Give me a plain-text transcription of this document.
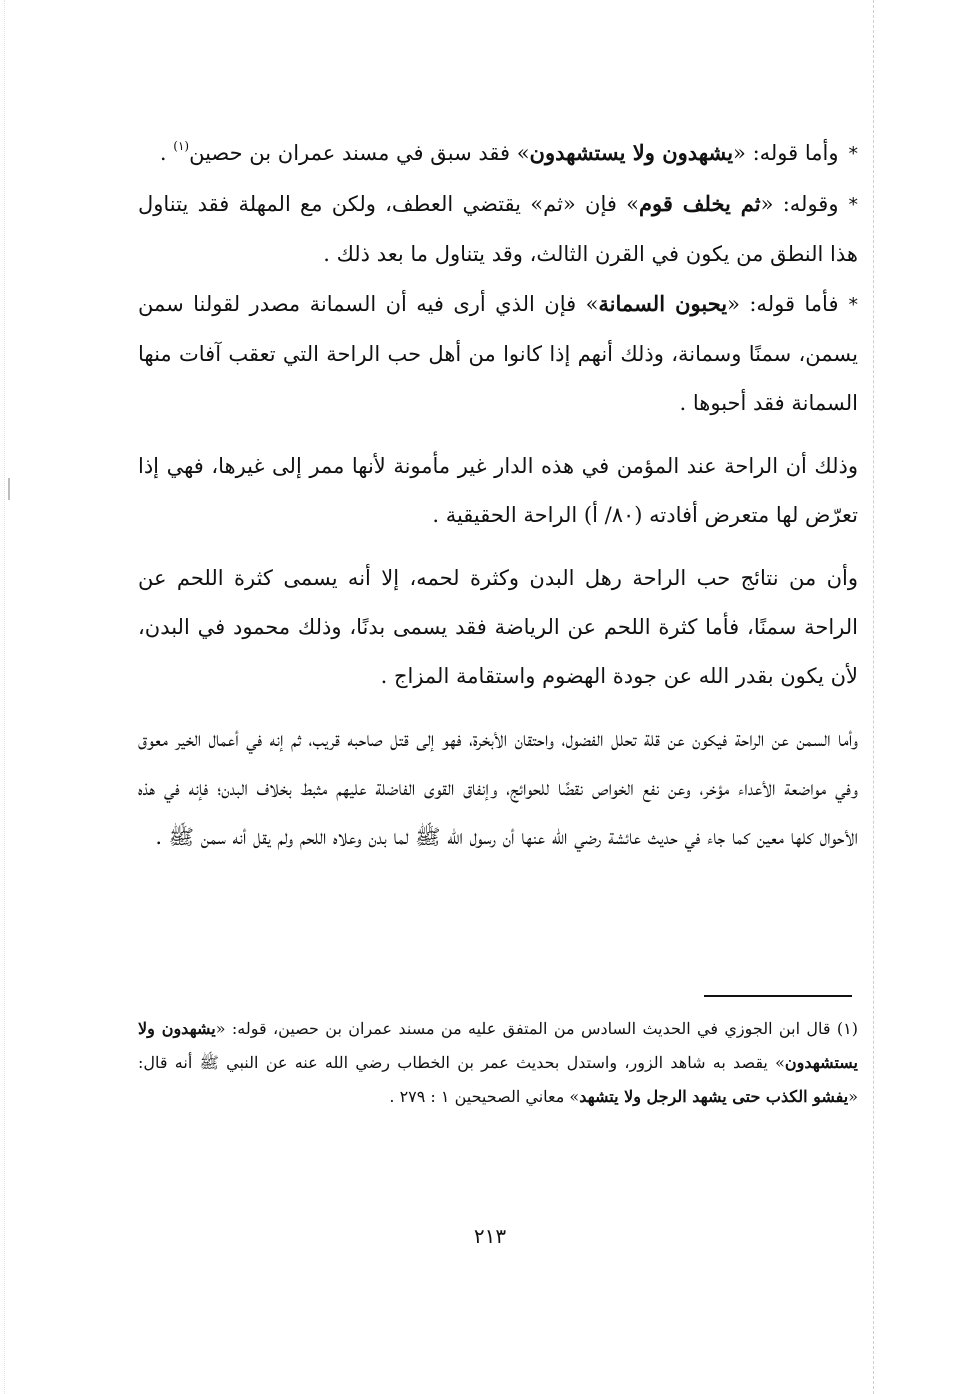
*وأما قوله: «يشهدون ولا يستشهدون» فقد سبق في مسند عمران بن حصين$^{(١)}$ .

*وقوله: «ثم يخلف قوم» فإن «ثم» يقتضي العطف، ولكن مع المهلة فقد يتناول هذا النطق من يكون في القرن الثالث، وقد يتناول ما بعد ذلك .

*فأما قوله: «يحبون السمانة» فإن الذي أرى فيه أن السمانة مصدر لقولنا سمن يسمن، سمنًا وسمانة، وذلك أنهم إذا كانوا من أهل حب الراحة التي تعقب آفات منها السمانة فقد أحبوها .

وذلك أن الراحة عند المؤمن في هذه الدار غير مأمونة لأنها ممر إلى غيرها، فهي إذا تعرّض لها متعرض أفادته (٨٠/ أ) الراحة الحقيقية .

وأن من نتائج حب الراحة رهل البدن وكثرة لحمه، إلا أنه يسمى كثرة اللحم عن الراحة سمنًا، فأما كثرة اللحم عن الرياضة فقد يسمى بدنًا، وذلك محمود في البدن، لأن يكون بقدر الله عن جودة الهضوم واستقامة المزاج .

وأما السمن عن الراحة فيكون عن قلة تحلل الفضول، واحتقان الأبخرة، فهو إلى قتل صاحبه قريب، ثم إنه في أعمال الخير معوق وفي مواضعة الأعداء مؤخر، وعن نفع الخواص نقضًا للحوائج، وإنفاق القوى الفاضلة عليهم مثبط بخلاف البدن؛ فإنه في هذه الأحوال كلها معين كما جاء في حديث عائشة رضي الله عنها أن رسول الله ﷺ لما بدن وعلاه اللحم ولم يقل أنه سمن ﷺ .

(١) قال ابن الجوزي في الحديث السادس من المتفق عليه من مسند عمران بن حصين، قوله: «يشهدون ولا يستشهدون» يقصد به شاهد الزور، واستدل بحديث عمر بن الخطاب رضي الله عنه عن النبي ﷺ أنه قال: «يفشو الكذب حتى يشهد الرجل ولا يتشهد» معاني الصحيحين ١ : ٢٧٩ .

٢١٣
